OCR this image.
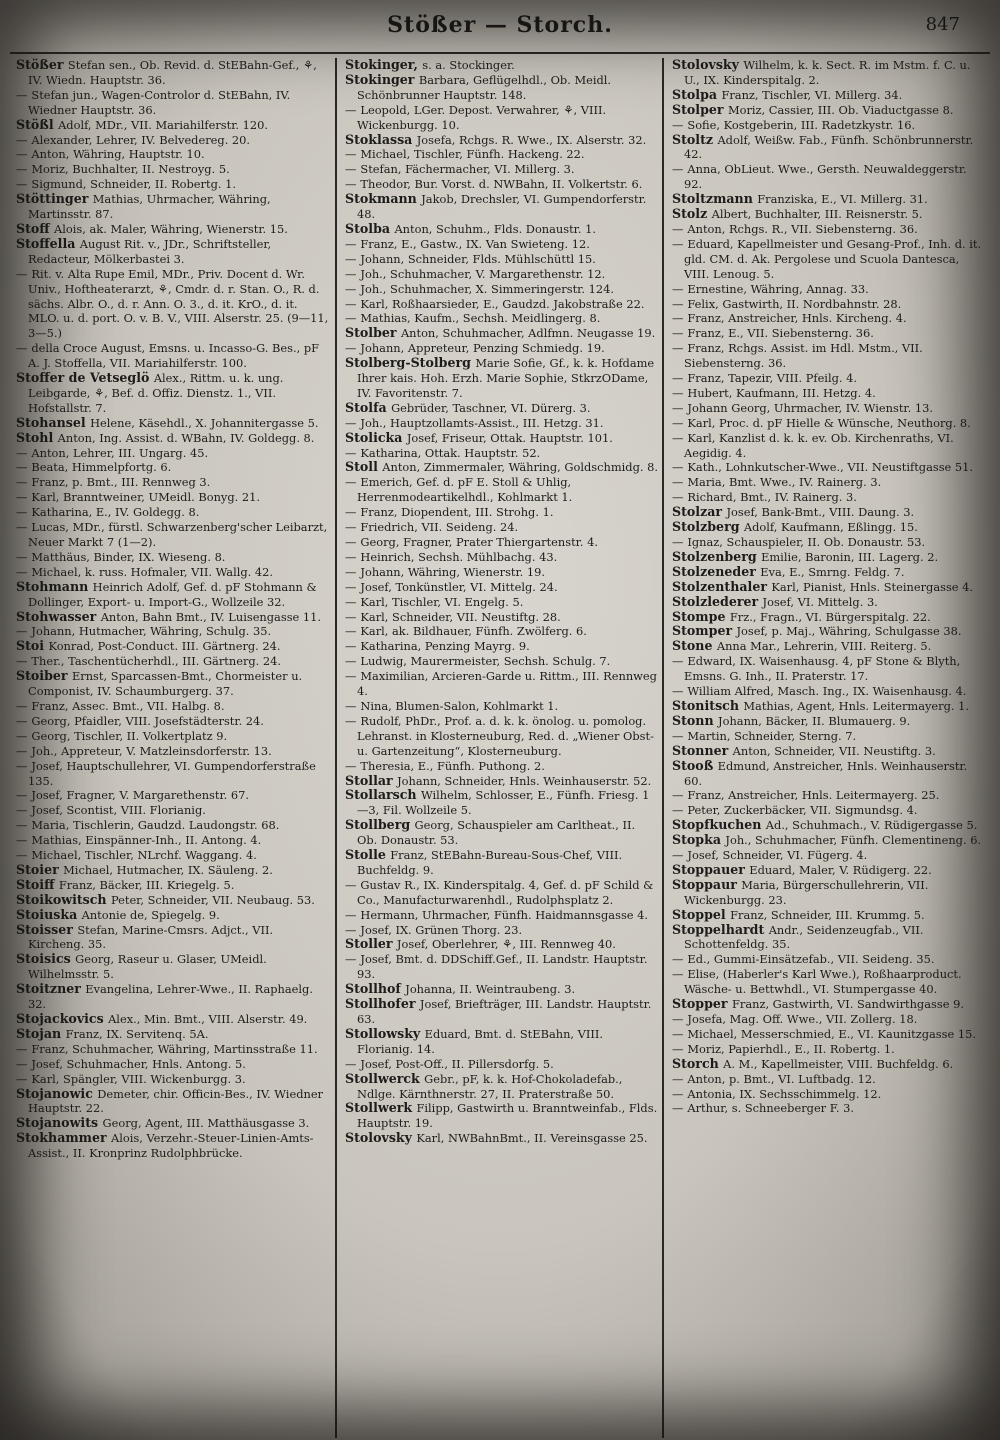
Stößer — Storch.	847
Stößer Stefan sen., Ob. Revid. d. StEBahn-Gef., ⚘, IV. Wiedn. Hauptstr. 36.
— Stefan jun., Wagen-Controlor d. StEBahn, IV. Wiedner Hauptstr. 36.
Stößl Adolf, MDr., VII. Mariahilferstr. 120.
— Alexander, Lehrer, IV. Belvedereg. 20.
— Anton, Währing, Hauptstr. 10.
— Moriz, Buchhalter, II. Nestroyg. 5.
— Sigmund, Schneider, II. Robertg. 1.
Stöttinger Mathias, Uhrmacher, Währing, Martinsstr. 87.
Stoff Alois, ak. Maler, Währing, Wienerstr. 15.
Stoffella August Rit. v., JDr., Schriftsteller, Redacteur, Mölkerbastei 3.
— Rit. v. Alta Rupe Emil, MDr., Priv. Docent d. Wr. Univ., Hoftheaterarzt, ⚘, Cmdr. d. r. Stan. O., R. d. sächs. Albr. O., d. r. Ann. O. 3., d. it. KrO., d. it. MLO. u. d. port. O. v. B. V., VIII. Alserstr. 25. (9—11, 3—5.)
— della Croce August, Emsns. u. Incasso-G. Bes., pF A. J. Stoffella, VII. Mariahilferstr. 100.
Stoffer de Vetseglö Alex., Rittm. u. k. ung. Leibgarde, ⚘, Bef. d. Offiz. Dienstz. 1., VII. Hofstallstr. 7.
Stohansel Helene, Käsehdl., X. Johannitergasse 5.
Stohl Anton, Ing. Assist. d. WBahn, IV. Goldegg. 8.
— Anton, Lehrer, III. Ungarg. 45.
— Beata, Himmelpfortg. 6.
— Franz, p. Bmt., III. Rennweg 3.
— Karl, Branntweiner, UMeidl. Bonyg. 21.
— Katharina, E., IV. Goldegg. 8.
— Lucas, MDr., fürstl. Schwarzenberg'scher Leibarzt, Neuer Markt 7 (1—2).
— Matthäus, Binder, IX. Wieseng. 8.
— Michael, k. russ. Hofmaler, VII. Wallg. 42.
Stohmann Heinrich Adolf, Gef. d. pF Stohmann & Dollinger, Export- u. Import-G., Wollzeile 32.
Stohwasser Anton, Bahn Bmt., IV. Luisengasse 11.
— Johann, Hutmacher, Währing, Schulg. 35.
Stoi Konrad, Post-Conduct. III. Gärtnerg. 24.
— Ther., Taschentücherhdl., III. Gärtnerg. 24.
Stoiber Ernst, Sparcassen-Bmt., Chormeister u. Componist, IV. Schaumburgerg. 37.
— Franz, Assec. Bmt., VII. Halbg. 8.
— Georg, Pfaidler, VIII. Josefstädterstr. 24.
— Georg, Tischler, II. Volkertplatz 9.
— Joh., Appreteur, V. Matzleinsdorferstr. 13.
— Josef, Hauptschullehrer, VI. Gumpendorferstraße 135.
— Josef, Fragner, V. Margarethenstr. 67.
— Josef, Scontist, VIII. Florianig.
— Maria, Tischlerin, Gaudzd. Laudongstr. 68.
— Mathias, Einspänner-Inh., II. Antong. 4.
— Michael, Tischler, NLrchf. Waggang. 4.
Stoier Michael, Hutmacher, IX. Säuleng. 2.
Stoiff Franz, Bäcker, III. Kriegelg. 5.
Stoikowitsch Peter, Schneider, VII. Neubaug. 53.
Stoiuska Antonie de, Spiegelg. 9.
Stoisser Stefan, Marine-Cmsrs. Adjct., VII. Kircheng. 35.
Stoisics Georg, Raseur u. Glaser, UMeidl. Wilhelmsstr. 5.
Stoitzner Evangelina, Lehrer-Wwe., II. Raphaelg. 32.
Stojackovics Alex., Min. Bmt., VIII. Alserstr. 49.
Stojan Franz, IX. Servitenq. 5A.
— Franz, Schuhmacher, Währing, Martinsstraße 11.
— Josef, Schuhmacher, Hnls. Antong. 5.
— Karl, Spängler, VIII. Wickenburgg. 3.
Stojanowic Demeter, chir. Officin-Bes., IV. Wiedner Hauptstr. 22.
Stojanowits Georg, Agent, III. Matthäusgasse 3.
Stokhammer Alois, Verzehr.-Steuer-Linien-Amts-Assist., II. Kronprinz Rudolphbrücke.
Stokinger, s. a. Stockinger.
Stokinger Barbara, Geflügelhdl., Ob. Meidl. Schönbrunner Hauptstr. 148.
— Leopold, LGer. Depost. Verwahrer, ⚘, VIII. Wickenburgg. 10.
Stoklassa Josefa, Rchgs. R. Wwe., IX. Alserstr. 32.
— Michael, Tischler, Fünfh. Hackeng. 22.
— Stefan, Fächermacher, VI. Millerg. 3.
— Theodor, Bur. Vorst. d. NWBahn, II. Volkertstr. 6.
Stokmann Jakob, Drechsler, VI. Gumpendorferstr. 48.
Stolba Anton, Schuhm., Flds. Donaustr. 1.
— Franz, E., Gastw., IX. Van Swieteng. 12.
— Johann, Schneider, Flds. Mühlschüttl 15.
— Joh., Schuhmacher, V. Margarethenstr. 12.
— Joh., Schuhmacher, X. Simmeringerstr. 124.
— Karl, Roßhaarsieder, E., Gaudzd. Jakobstraße 22.
— Mathias, Kaufm., Sechsh. Meidlingerg. 8.
Stolber Anton, Schuhmacher, Adlfmn. Neugasse 19.
— Johann, Appreteur, Penzing Schmiedg. 19.
Stolberg-Stolberg Marie Sofie, Gf., k. k. Hofdame Ihrer kais. Hoh. Erzh. Marie Sophie, StkrzODame, IV. Favoritenstr. 7.
Stolfa Gebrüder, Taschner, VI. Dürerg. 3.
— Joh., Hauptzollamts-Assist., III. Hetzg. 31.
Stolicka Josef, Friseur, Ottak. Hauptstr. 101.
— Katharina, Ottak. Hauptstr. 52.
Stoll Anton, Zimmermaler, Währing, Goldschmidg. 8.
— Emerich, Gef. d. pF E. Stoll & Uhlig, Herrenmodeartikelhdl., Kohlmarkt 1.
— Franz, Diopendent, III. Strohg. 1.
— Friedrich, VII. Seideng. 24.
— Georg, Fragner, Prater Thiergartenstr. 4.
— Heinrich, Sechsh. Mühlbachg. 43.
— Johann, Währing, Wienerstr. 19.
— Josef, Tonkünstler, VI. Mittelg. 24.
— Karl, Tischler, VI. Engelg. 5.
— Karl, Schneider, VII. Neustiftg. 28.
— Karl, ak. Bildhauer, Fünfh. Zwölferg. 6.
— Katharina, Penzing Mayrg. 9.
— Ludwig, Maurermeister, Sechsh. Schulg. 7.
— Maximilian, Arcieren-Garde u. Rittm., III. Rennweg 4.
— Nina, Blumen-Salon, Kohlmarkt 1.
— Rudolf, PhDr., Prof. a. d. k. k. önolog. u. pomolog. Lehranst. in Klosterneuburg, Red. d. „Wiener Obst- u. Gartenzeitung“, Klosterneuburg.
— Theresia, E., Fünfh. Puthong. 2.
Stollar Johann, Schneider, Hnls. Weinhauserstr. 52.
Stollarsch Wilhelm, Schlosser, E., Fünfh. Friesg. 1—3, Fil. Wollzeile 5.
Stollberg Georg, Schauspieler am Carltheat., II. Ob. Donaustr. 53.
Stolle Franz, StEBahn-Bureau-Sous-Chef, VIII. Buchfeldg. 9.
— Gustav R., IX. Kinderspitalg. 4, Gef. d. pF Schild & Co., Manufacturwarenhdl., Rudolphsplatz 2.
— Hermann, Uhrmacher, Fünfh. Haidmannsgasse 4.
— Josef, IX. Grünen Thorg. 23.
Stoller Josef, Oberlehrer, ⚘, III. Rennweg 40.
— Josef, Bmt. d. DDSchiff.Gef., II. Landstr. Hauptstr. 93.
Stollhof Johanna, II. Weintraubeng. 3.
Stollhofer Josef, Briefträger, III. Landstr. Hauptstr. 63.
Stollowsky Eduard, Bmt. d. StEBahn, VIII. Florianig. 14.
— Josef, Post-Off., II. Pillersdorfg. 5.
Stollwerck Gebr., pF, k. k. Hof-Chokoladefab., Ndlge. Kärnthnerstr. 27, II. Praterstraße 50.
Stollwerk Filipp, Gastwirth u. Branntweinfab., Flds. Hauptstr. 19.
Stolovsky Karl, NWBahnBmt., II. Vereinsgasse 25.
Stolovsky Wilhelm, k. k. Sect. R. im Mstm. f. C. u. U., IX. Kinderspitalg. 2.
Stolpa Franz, Tischler, VI. Millerg. 34.
Stolper Moriz, Cassier, III. Ob. Viaductgasse 8.
— Sofie, Kostgeberin, III. Radetzkystr. 16.
Stoltz Adolf, Weißw. Fab., Fünfh. Schönbrunnerstr. 42.
— Anna, ObLieut. Wwe., Gersth. Neuwaldeggerstr. 92.
Stoltzmann Franziska, E., VI. Millerg. 31.
Stolz Albert, Buchhalter, III. Reisnerstr. 5.
— Anton, Rchgs. R., VII. Siebensterng. 36.
— Eduard, Kapellmeister und Gesang-Prof., Inh. d. it. gld. CM. d. Ak. Pergolese und Scuola Dantesca, VIII. Lenoug. 5.
— Ernestine, Währing, Annag. 33.
— Felix, Gastwirth, II. Nordbahnstr. 28.
— Franz, Anstreicher, Hnls. Kircheng. 4.
— Franz, E., VII. Siebensterng. 36.
— Franz, Rchgs. Assist. im Hdl. Mstm., VII. Siebensterng. 36.
— Franz, Tapezir, VIII. Pfeilg. 4.
— Hubert, Kaufmann, III. Hetzg. 4.
— Johann Georg, Uhrmacher, IV. Wienstr. 13.
— Karl, Proc. d. pF Hielle & Wünsche, Neuthorg. 8.
— Karl, Kanzlist d. k. k. ev. Ob. Kirchenraths, VI. Aegidig. 4.
— Kath., Lohnkutscher-Wwe., VII. Neustiftgasse 51.
— Maria, Bmt. Wwe., IV. Rainerg. 3.
— Richard, Bmt., IV. Rainerg. 3.
Stolzar Josef, Bank-Bmt., VIII. Daung. 3.
Stolzberg Adolf, Kaufmann, Eßlingg. 15.
— Ignaz, Schauspieler, II. Ob. Donaustr. 53.
Stolzenberg Emilie, Baronin, III. Lagerg. 2.
Stolzeneder Eva, E., Smrng. Feldg. 7.
Stolzenthaler Karl, Pianist, Hnls. Steinergasse 4.
Stolzlederer Josef, VI. Mittelg. 3.
Stompe Frz., Fragn., VI. Bürgerspitalg. 22.
Stomper Josef, p. Maj., Währing, Schulgasse 38.
Stone Anna Mar., Lehrerin, VIII. Reiterg. 5.
— Edward, IX. Waisenhausg. 4, pF Stone & Blyth, Emsns. G. Inh., II. Praterstr. 17.
— William Alfred, Masch. Ing., IX. Waisenhausg. 4.
Stonitsch Mathias, Agent, Hnls. Leitermayerg. 1.
Stonn Johann, Bäcker, II. Blumauerg. 9.
— Martin, Schneider, Sterng. 7.
Stonner Anton, Schneider, VII. Neustiftg. 3.
Stooß Edmund, Anstreicher, Hnls. Weinhauserstr. 60.
— Franz, Anstreicher, Hnls. Leitermayerg. 25.
— Peter, Zuckerbäcker, VII. Sigmundsg. 4.
Stopfkuchen Ad., Schuhmach., V. Rüdigergasse 5.
Stopka Joh., Schuhmacher, Fünfh. Clementineng. 6.
— Josef, Schneider, VI. Fügerg. 4.
Stoppauer Eduard, Maler, V. Rüdigerg. 22.
Stoppaur Maria, Bürgerschullehrerin, VII. Wickenburgg. 23.
Stoppel Franz, Schneider, III. Krummg. 5.
Stoppelhardt Andr., Seidenzeugfab., VII. Schottenfeldg. 35.
— Ed., Gummi-Einsätzefab., VII. Seideng. 35.
— Elise, (Haberler's Karl Wwe.), Roßhaarproduct. Wäsche- u. Bettwhdl., VI. Stumpergasse 40.
Stopper Franz, Gastwirth, VI. Sandwirthgasse 9.
— Josefa, Mag. Off. Wwe., VII. Zollerg. 18.
— Michael, Messerschmied, E., VI. Kaunitzgasse 15.
— Moriz, Papierhdl., E., II. Robertg. 1.
Storch A. M., Kapellmeister, VIII. Buchfeldg. 6.
— Anton, p. Bmt., VI. Luftbadg. 12.
— Antonia, IX. Sechsschimmelg. 12.
— Arthur, s. Schneeberger F. 3.
